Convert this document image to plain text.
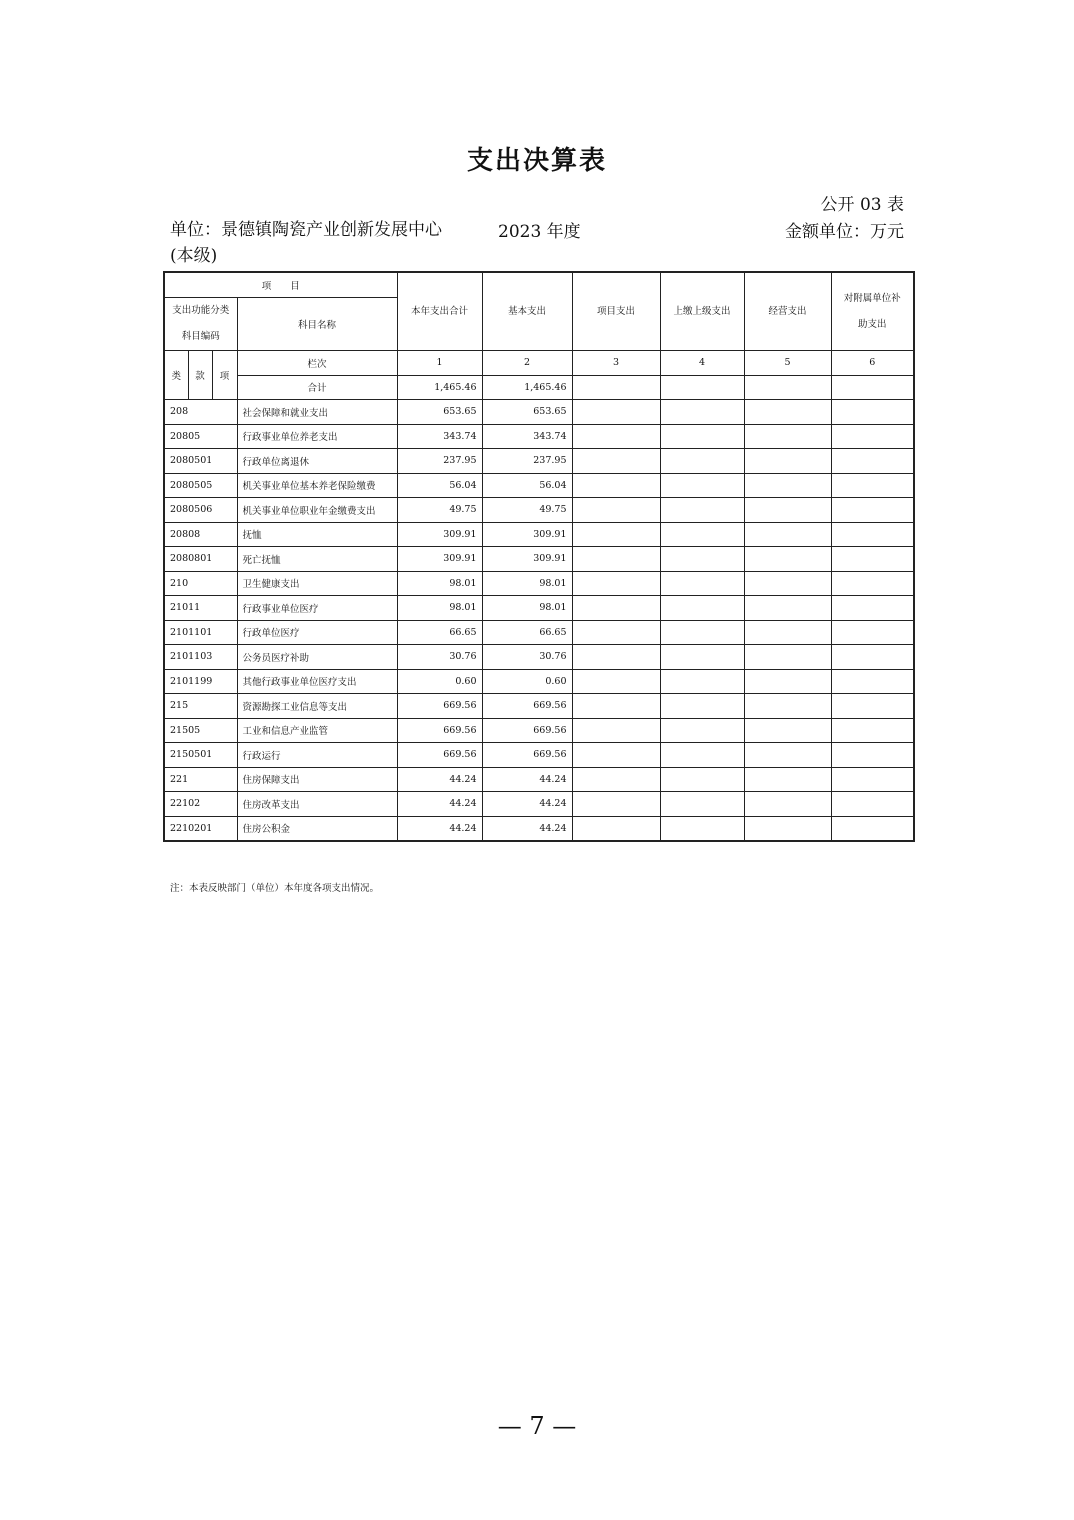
支出决算表
公开 03 表
单位：景德镇陶瓷产业创新发展中心(本级)
2023 年度	金额单位：万元
项　　目				本年支出合计	基本支出	项目支出	上缴上级支出	经营支出	对附属单位补助支出
支出功能分类科目编码			科目名称						

类	款	项	栏次	1	2	3	4	5	6
			合计	1,465.46	1,465.46				
208			社会保障和就业支出	653.65	653.65				
20805			行政事业单位养老支出	343.74	343.74				
2080501			行政单位离退休	237.95	237.95				
2080505			机关事业单位基本养老保险缴费	56.04	56.04				
2080506			机关事业单位职业年金缴费支出	49.75	49.75				
20808			抚恤	309.91	309.91				
2080801			死亡抚恤	309.91	309.91				
210			卫生健康支出	98.01	98.01				
21011			行政事业单位医疗	98.01	98.01				
2101101			行政单位医疗	66.65	66.65				
2101103			公务员医疗补助	30.76	30.76				
2101199			其他行政事业单位医疗支出	0.60	0.60				
215			资源勘探工业信息等支出	669.56	669.56				
21505			工业和信息产业监管	669.56	669.56				
2150501			行政运行	669.56	669.56				
221			住房保障支出	44.24	44.24				
22102			住房改革支出	44.24	44.24				
2210201			住房公积金	44.24	44.24				
注：本表反映部门（单位）本年度各项支出情况。
— 7 —
